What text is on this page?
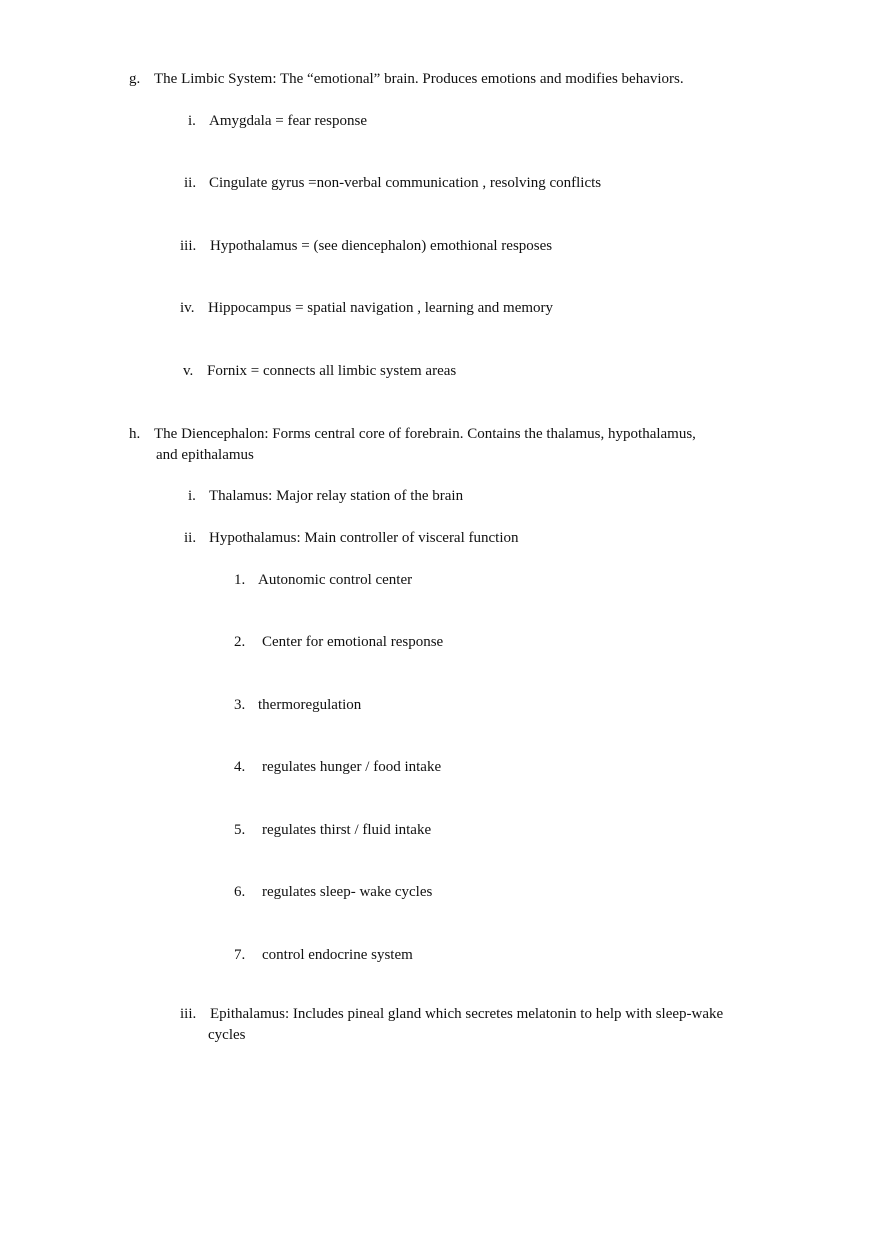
g. The Limbic System: The “emotional” brain. Produces emotions and modifies behaviors.
i. Amygdala = fear response
ii. Cingulate gyrus =non-verbal communication , resolving conflicts
iii. Hypothalamus = (see diencephalon) emothional resposes
iv. Hippocampus = spatial navigation , learning and memory
v. Fornix = connects all limbic system areas
h. The Diencephalon: Forms central core of forebrain. Contains the thalamus, hypothalamus,
and epithalamus
i. Thalamus: Major relay station of the brain
ii. Hypothalamus: Main controller of visceral function
1. Autonomic control center
2. Center for emotional response
3. thermoregulation
4. regulates hunger / food intake
5. regulates thirst / fluid intake
6. regulates sleep- wake cycles
7. control endocrine system
iii. Epithalamus: Includes pineal gland which secretes melatonin to help with sleep-wake
cycles
